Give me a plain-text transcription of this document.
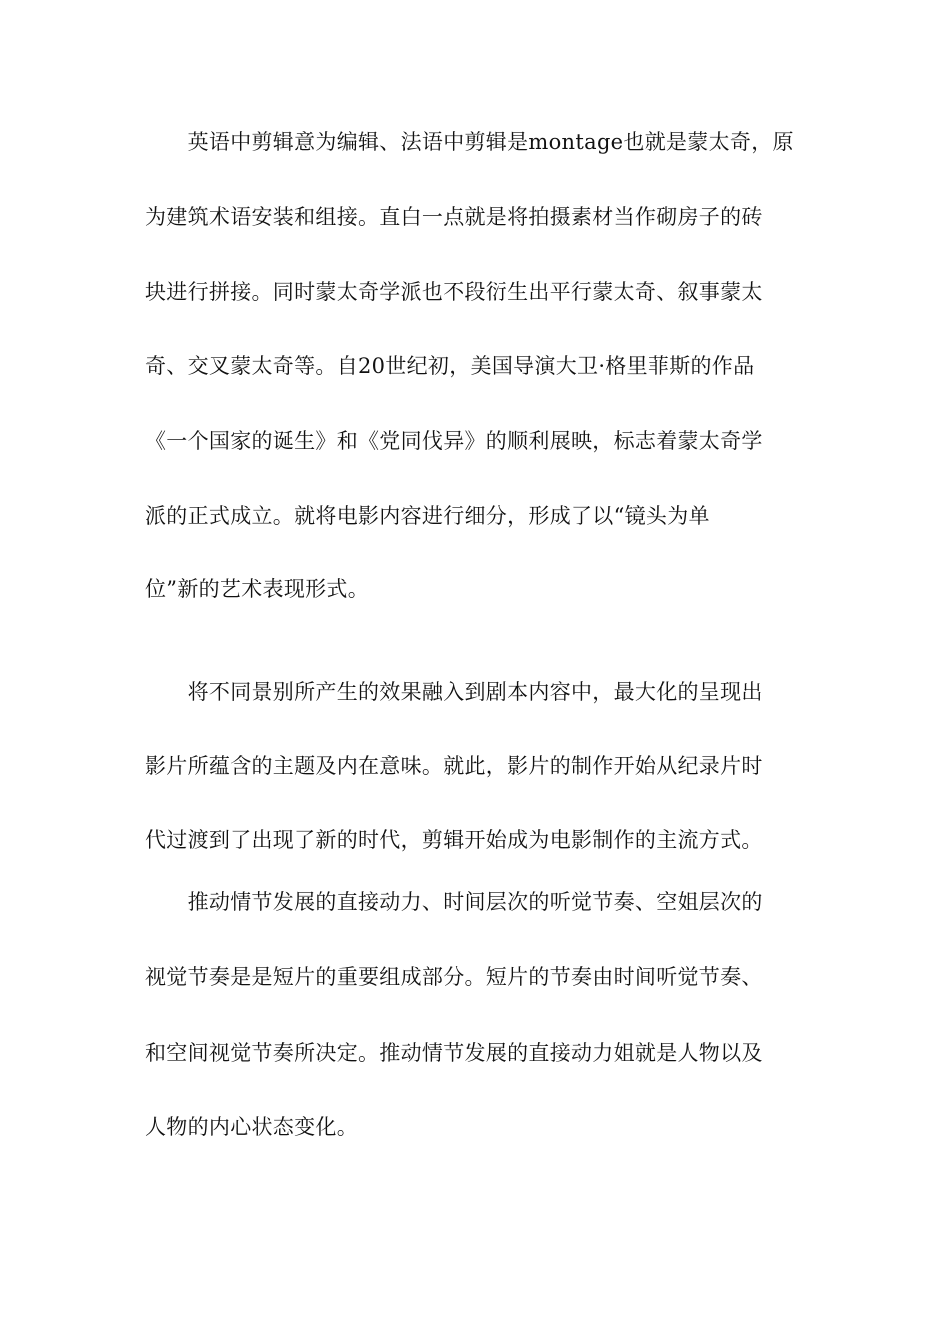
　　英语中剪辑意为编辑、法语中剪辑是montage也就是蒙太奇，原
为建筑术语安装和组接。直白一点就是将拍摄素材当作砌房子的砖
块进行拼接。同时蒙太奇学派也不段衍生出平行蒙太奇、叙事蒙太
奇、交叉蒙太奇等。自20世纪初，美国导演大卫·格里菲斯的作品
《一个国家的诞生》和《党同伐异》的顺利展映，标志着蒙太奇学
派的正式成立。就将电影内容进行细分，形成了以“镜头为单
位”新的艺术表现形式。
　　将不同景别所产生的效果融入到剧本内容中，最大化的呈现出
影片所蕴含的主题及内在意味。就此，影片的制作开始从纪录片时
代过渡到了出现了新的时代，剪辑开始成为电影制作的主流方式。
　　推动情节发展的直接动力、时间层次的听觉节奏、空姐层次的
视觉节奏是是短片的重要组成部分。短片的节奏由时间听觉节奏、
和空间视觉节奏所决定。推动情节发展的直接动力姐就是人物以及
人物的内心状态变化。
